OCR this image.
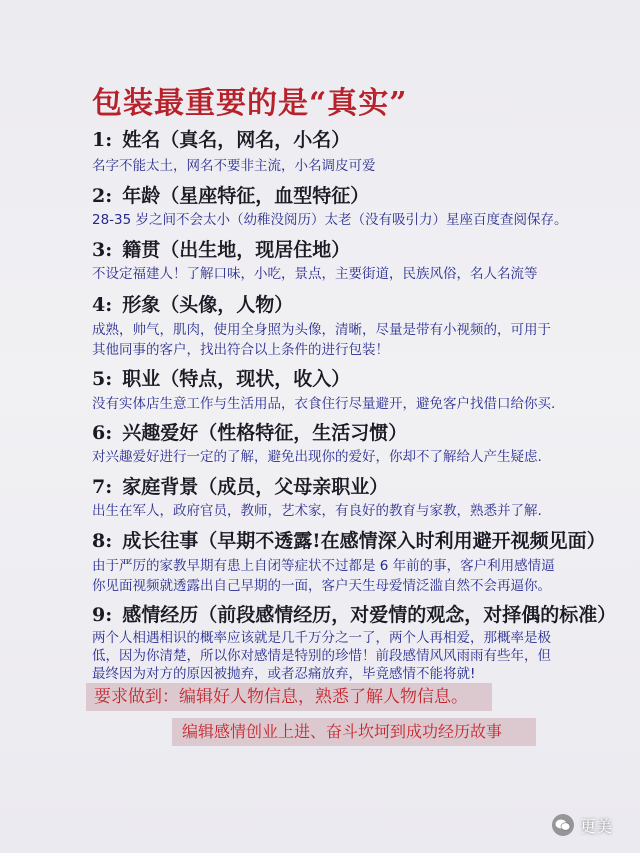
包装最重要的是“真实”
1: 姓名（真名，网名，小名）
名字不能太土，网名不要非主流，小名调皮可爱
2: 年龄（星座特征，血型特征）
28-35 岁之间不会太小（幼稚没阅历）太老（没有吸引力）星座百度查阅保存。
3: 籍贯（出生地，现居住地）
不设定福建人！了解口味，小吃，景点，主要街道，民族风俗，名人名流等
4: 形象（头像，人物）
成熟，帅气，肌肉，使用全身照为头像，清晰，尽量是带有小视频的，可用于
其他同事的客户，找出符合以上条件的进行包装！
5: 职业（特点，现状，收入）
没有实体店生意工作与生活用品，衣食住行尽量避开，避免客户找借口给你买.
6: 兴趣爱好（性格特征，生活习惯）
对兴趣爱好进行一定的了解，避免出现你的爱好，你却不了解给人产生疑虑.
7: 家庭背景（成员，父母亲职业）
出生在军人，政府官员，教师，艺术家，有良好的教育与家教，熟悉并了解.
8: 成长往事（早期不透露!在感情深入时利用避开视频见面）
由于严厉的家教早期有患上自闭等症状不过都是 6 年前的事，客户利用感情逼
你见面视频就透露出自己早期的一面，客户天生母爱情泛滥自然不会再逼你。
9: 感情经历（前段感情经历，对爱情的观念，对择偶的标准）
两个人相遇相识的概率应该就是几千万分之一了，两个人再相爱，那概率是极
低，因为你清楚，所以你对感情是特别的珍惜！前段感情风风雨雨有些年，但
最终因为对方的原因被抛弃，或者忍痛放弃，毕竟感情不能将就!
要求做到：编辑好人物信息，熟悉了解人物信息。
编辑感情创业上进、奋斗坎坷到成功经历故事
更美
